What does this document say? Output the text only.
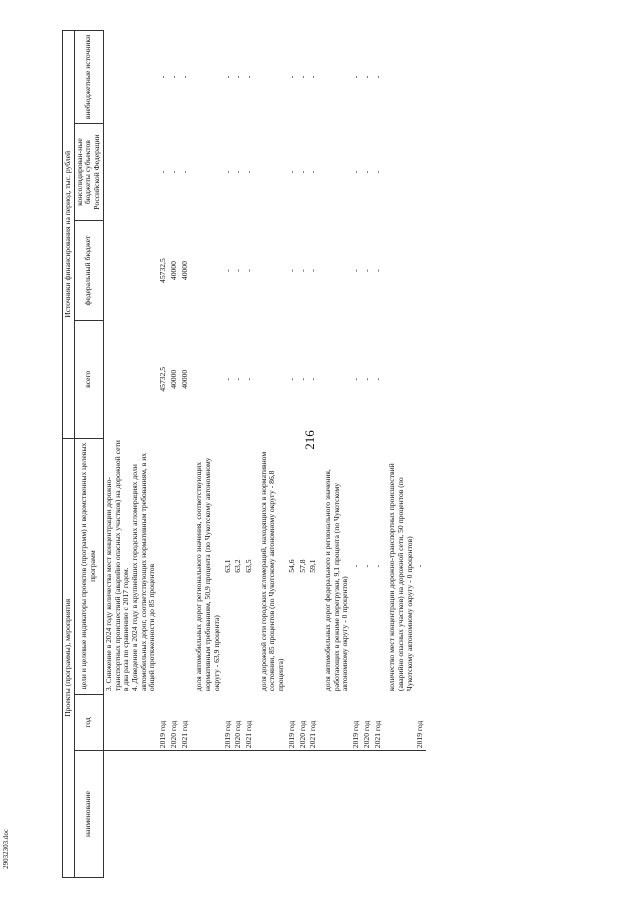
216
29032303.doc
Проекты (программы), мероприятия			Источники финансирования на период, тыс. рублей			
наименование	год	цели и целевые индикаторы проектов (программ) и ведомственных целевых программ	всего	федеральный бюджет	консолидирован-ные бюджеты субъектов Российской Федерации	внебюджетные источники
		3. Снижение в 2024 году количества мест концентрации дорожно-транспортных происшествий (аварийно опасных участков) на дорожной сети в два раза по сравнению с 2017 годом.
4. Доведение в 2024 году в крупнейших городских агломерациях доли автомобильных дорог, соответствующих нормативным требованиям, в их общей протяженности до 85 процентов				
	2019 год		45732,5	45732,5	-	-
	2020 год		40000	40000	-	-
	2021 год		40000	40000	-	-

		доля автомобильных дорог регионального значения, соответствующих нормативным требованиям, 50,9 процента (по Чукотскому автономному округу - 63,9 процента)				
	2019 год	63,1	-	-	-	-
	2020 год	63,2	-	-	-	-
	2021 год	63,5	-	-	-	-

		доля дорожной сети городских агломераций, находящихся в нормативном состоянии, 85 процентов (по Чукотскому автономному округу - 86,8 процента)				
	2019 год	54,6	-	-	-	-
	2020 год	57,8	-	-	-	-
	2021 год	59,1	-	-	-	-

		доля автомобильных дорог федерального и регионального значения, работающих в режиме перегрузки, 9,1 процента (по Чукотскому автономному округу - 0 процентов)				
	2019 год	-	-	-	-	-
	2020 год	-	-	-	-	-
	2021 год	-	-	-	-	-

		количество мест концентрации дорожно-транспортных происшествий (аварийно опасных участков) на дорожной сети, 50 процентов (по Чукотскому автономному округу - 0 процентов)				
	2019 год	-				
